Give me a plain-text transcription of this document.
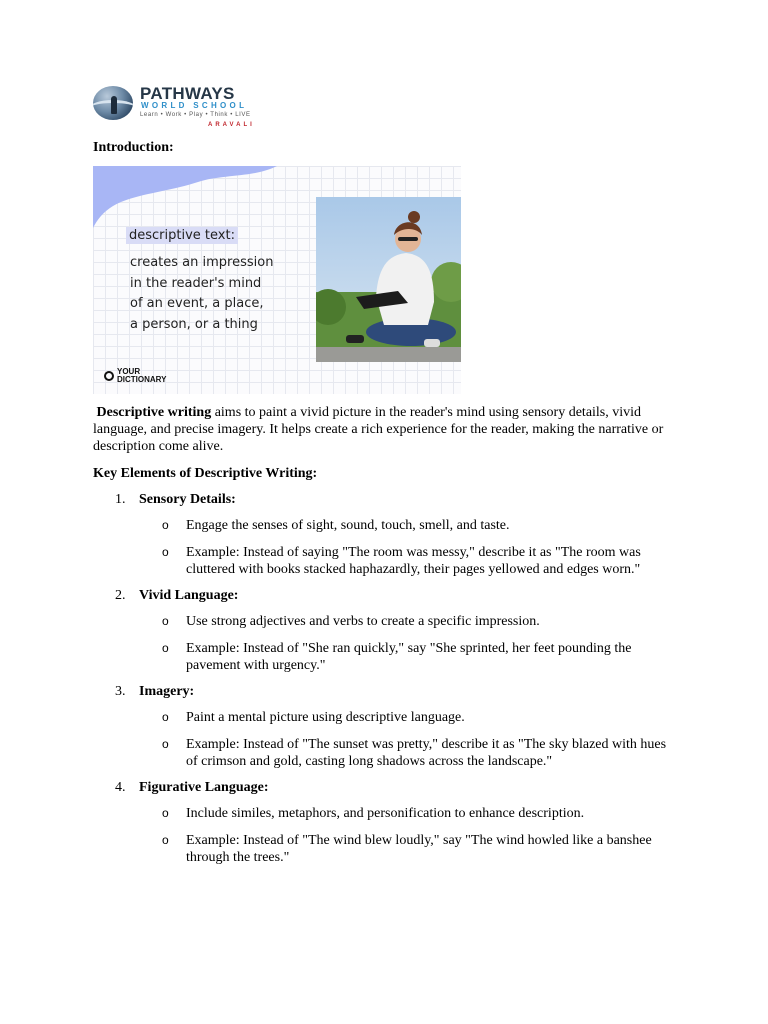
PATHWAYS
WORLD SCHOOL
Learn • Work • Play • Think • LIVE
ARAVALI
Introduction:
descriptive text:
creates an impression
in the reader's mind
of an event, a place,
a person, or a thing
YOUR
DICTIONARY

Descriptive writing aims to paint a vivid picture in the reader's mind using sensory details, vivid language, and precise imagery. It helps create a rich experience for the reader, making the narrative or description come alive.

Key Elements of Descriptive Writing:
1. Sensory Details:
o	Engage the senses of sight, sound, touch, smell, and taste.
o	Example: Instead of saying "The room was messy," describe it as "The room was cluttered with books stacked haphazardly, their pages yellowed and edges worn."
2. Vivid Language:
o	Use strong adjectives and verbs to create a specific impression.
o	Example: Instead of "She ran quickly," say "She sprinted, her feet pounding the pavement with urgency."
3. Imagery:
o	Paint a mental picture using descriptive language.
o	Example: Instead of "The sunset was pretty," describe it as "The sky blazed with hues of crimson and gold, casting long shadows across the landscape."
4. Figurative Language:
o	Include similes, metaphors, and personification to enhance description.
o	Example: Instead of "The wind blew loudly," say "The wind howled like a banshee through the trees."
